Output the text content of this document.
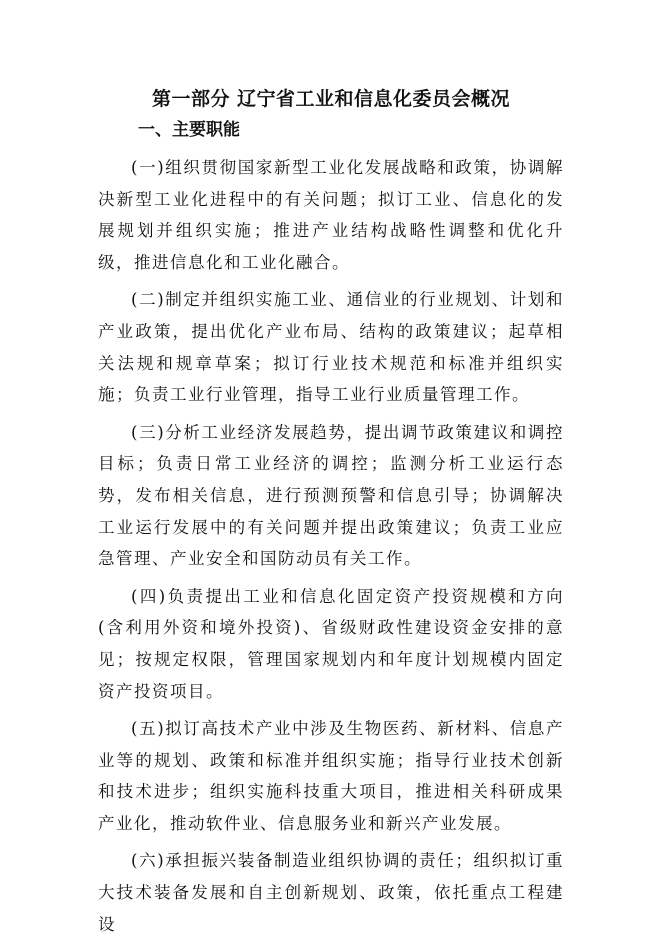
第一部分 辽宁省工业和信息化委员会概况
一、主要职能

(一)组织贯彻国家新型工业化发展战略和政策，协调解决新型工业化进程中的有关问题；拟订工业、信息化的发展规划并组织实施；推进产业结构战略性调整和优化升级，推进信息化和工业化融合。

(二)制定并组织实施工业、通信业的行业规划、计划和产业政策，提出优化产业布局、结构的政策建议；起草相关法规和规章草案；拟订行业技术规范和标准并组织实施；负责工业行业管理，指导工业行业质量管理工作。

(三)分析工业经济发展趋势，提出调节政策建议和调控目标；负责日常工业经济的调控；监测分析工业运行态势，发布相关信息，进行预测预警和信息引导；协调解决工业运行发展中的有关问题并提出政策建议；负责工业应急管理、产业安全和国防动员有关工作。

(四)负责提出工业和信息化固定资产投资规模和方向(含利用外资和境外投资)、省级财政性建设资金安排的意见；按规定权限，管理国家规划内和年度计划规模内固定资产投资项目。

(五)拟订高技术产业中涉及生物医药、新材料、信息产业等的规划、政策和标准并组织实施；指导行业技术创新和技术进步；组织实施科技重大项目，推进相关科研成果产业化，推动软件业、信息服务业和新兴产业发展。

(六)承担振兴装备制造业组织协调的责任；组织拟订重大技术装备发展和自主创新规划、政策，依托重点工程建设
